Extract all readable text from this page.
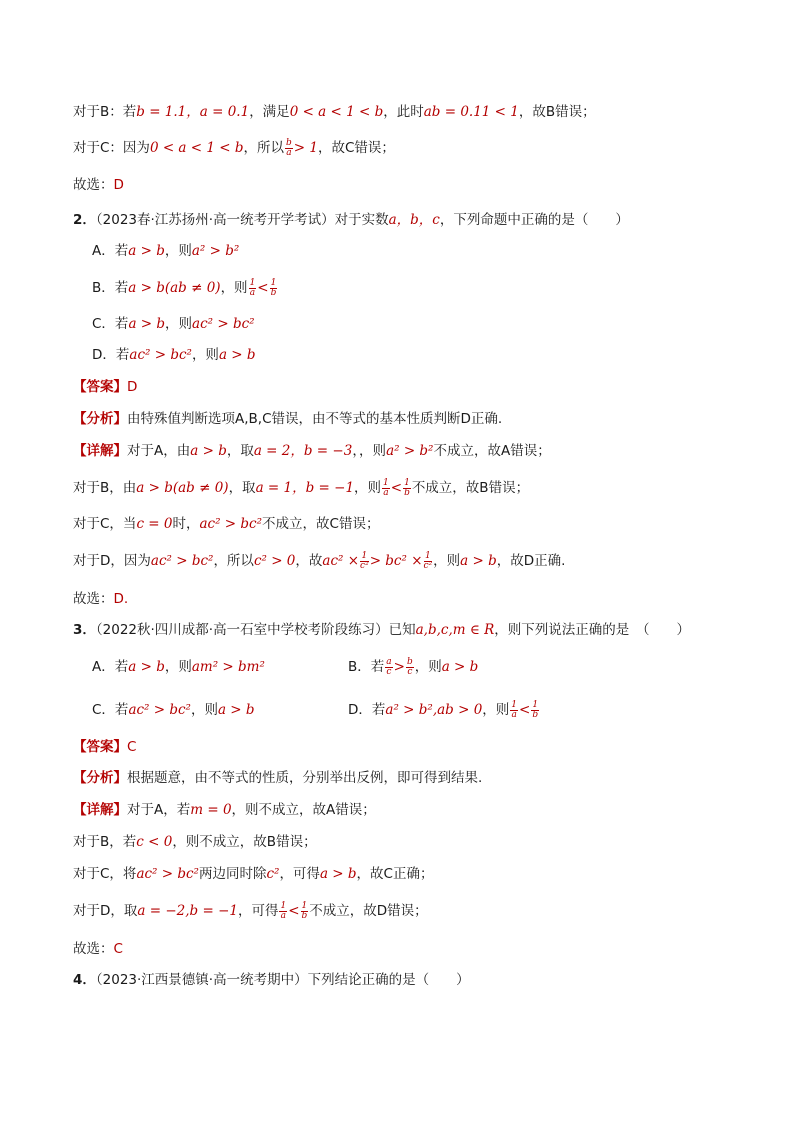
对于B：若b = 1.1，a = 0.1，满足0 < a < 1 < b，此时ab = 0.11 < 1，故B错误；
对于C：因为0 < a < 1 < b，所以 $\frac{b}{a} > 1$，故C错误；
故选：D
2．（2023春·江苏扬州·高一统考开学考试）对于实数a，b，c，下列命题中正确的是（　　）
A．若a > b，则a² > b²
B．若a > b(ab ≠ 0)，则 $\frac{1}{a} < \frac{1}{b}$
C．若a > b，则ac² > bc²
D．若ac² > bc²，则a > b
【答案】D
【分析】由特殊值判断选项A,B,C错误，由不等式的基本性质判断D正确.
【详解】对于A，由a > b，取a = 2，b = −3，，则a² > b²不成立，故A错误；
对于B，由a > b(ab ≠ 0)，取a = 1，b = −1，则 $\frac{1}{a} < \frac{1}{b}$ 不成立，故B错误；
对于C，当c = 0时，ac² > bc²不成立，故C错误；
对于D，因为ac² > bc²，所以c² > 0，故$ac^2 \times \frac{1}{\text{c²}} > bc^2 \times \frac{1}{\text{c²}}$ ，则a > b，故D正确.
故选：D.
3．（2022秋·四川成都·高一石室中学校考阶段练习）已知a,b,c,m ∈ R，则下列说法正确的是　（　　）
A．若a > b，则am² > bm²	B．若 $\frac{a}{c} > \frac{b}{c}$ ，则a > b
C．若ac² > bc²，则a > b	D．若a² > b²,ab > 0，则 $\frac{1}{a} < \frac{1}{b}$
【答案】C
【分析】根据题意，由不等式的性质，分别举出反例，即可得到结果.
【详解】对于A，若m = 0，则不成立，故A错误；
对于B，若c < 0，则不成立，故B错误；
对于C，将ac² > bc²两边同时除c²，可得a > b，故C正确；
对于D，取a = −2,b = −1，可得 $\frac{1}{a} < \frac{1}{b}$ 不成立，故D错误；
故选：C
4．（2023·江西景德镇·高一统考期中）下列结论正确的是（　　）
